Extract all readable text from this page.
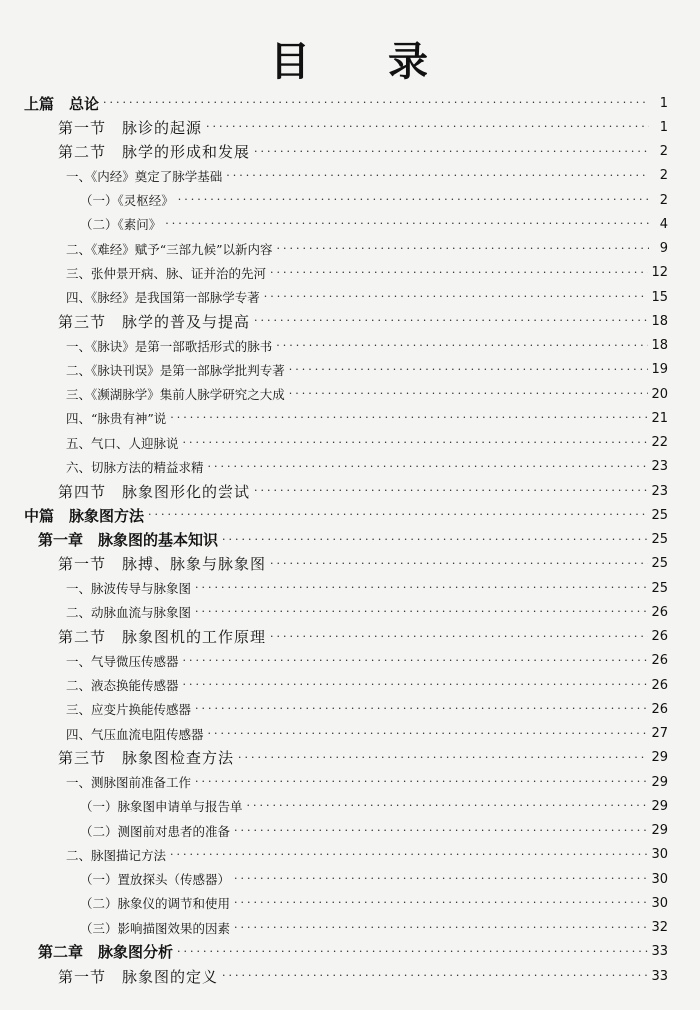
目 录
上篇　总论 ·····	1
第一节　脉诊的起源 ·····	1
第二节　脉学的形成和发展 ·····	2
一、《内经》奠定了脉学基础 ·····	2
（一）《灵枢经》 ·····	2
（二）《素问》 ·····	4
二、《难经》赋予“三部九候”以新内容 ·····	9
三、张仲景开病、脉、证并治的先河 ·····	12
四、《脉经》是我国第一部脉学专著 ·····	15
第三节　脉学的普及与提高 ·····	18
一、《脉诀》是第一部歌括形式的脉书 ·····	18
二、《脉诀刊误》是第一部脉学批判专著 ·····	19
三、《濒湖脉学》集前人脉学研究之大成 ·····	20
四、“脉贵有神”说 ·····	21
五、气口、人迎脉说 ·····	22
六、切脉方法的精益求精 ·····	23
第四节　脉象图形化的尝试 ·····	23
中篇　脉象图方法 ·····	25
第一章　脉象图的基本知识 ·····	25
第一节　脉搏、脉象与脉象图 ·····	25
一、脉波传导与脉象图 ·····	25
二、动脉血流与脉象图 ·····	26
第二节　脉象图机的工作原理 ·····	26
一、气导微压传感器 ·····	26
二、液态换能传感器 ·····	26
三、应变片换能传感器 ·····	26
四、气压血流电阻传感器 ·····	27
第三节　脉象图检查方法 ·····	29
一、测脉图前准备工作 ·····	29
（一）脉象图申请单与报告单 ·····	29
（二）测图前对患者的准备 ·····	29
二、脉图描记方法 ·····	30
（一）置放探头（传感器） ·····	30
（二）脉象仪的调节和使用 ·····	30
（三）影响描图效果的因素 ·····	32
第二章　脉象图分析 ·····	33
第一节　脉象图的定义 ·····	33
